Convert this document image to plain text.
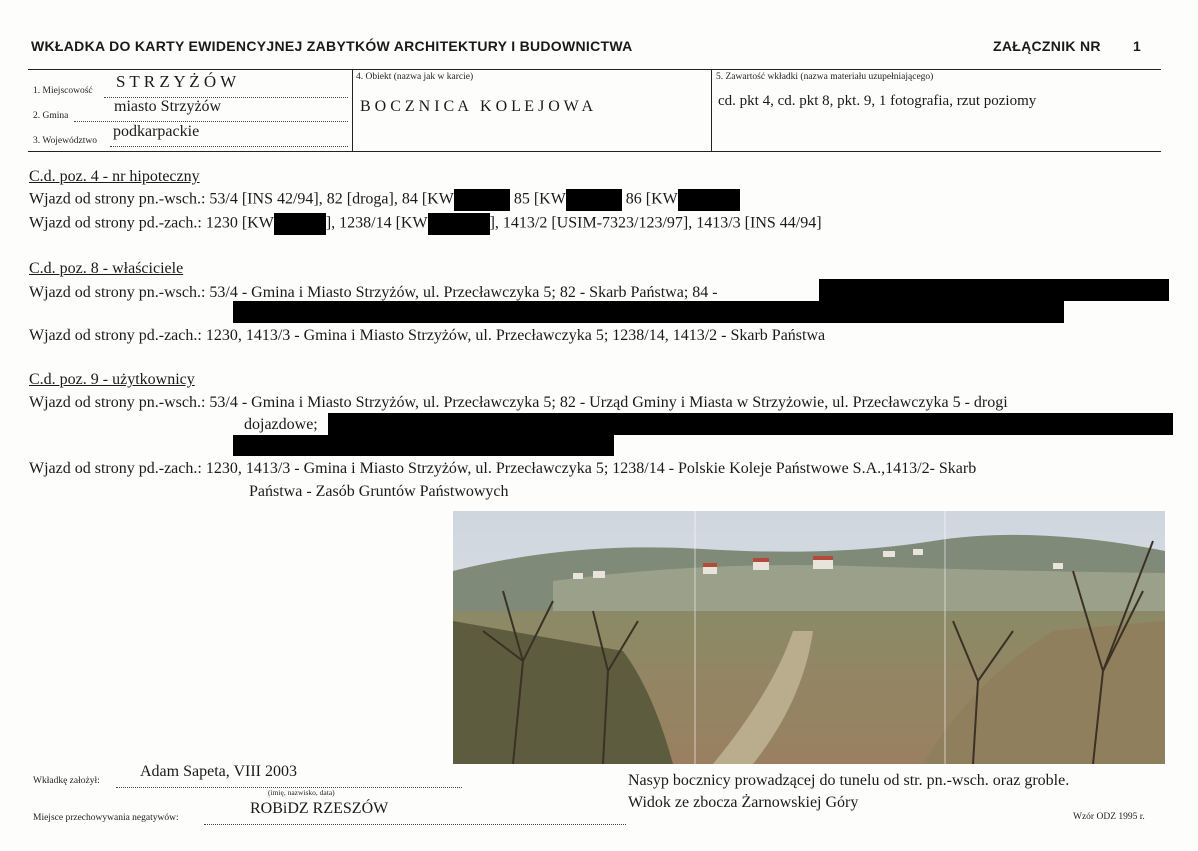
WKŁADKA DO KARTY EWIDENCYJNEJ ZABYTKÓW ARCHITEKTURY I BUDOWNICTWA	ZAŁĄCZNIK NR 1
1. Miejscowość S T R Z Y Ż Ó W
2. Gmina
miasto Strzyżów
3. Województwo
podkarpackie
4. Obiekt (nazwa jak w karcie)
B O C Z N I C A   K O L E J O W A
5. Zawartość wkładki (nazwa materiału uzupełniającego)
cd. pkt 4, cd. pkt 8, pkt. 9, 1 fotografia, rzut poziomy
C.d. poz. 4 - nr hipoteczny
Wjazd od strony pn.-wsch.: 53/4 [INS 42/94], 82 [droga], 84 [KW	85 [KW	86 [KW
Wjazd od strony pd.-zach.: 1230 [KW	], 1238/14 [KW	], 1413/2 [USIM-7323/123/97], 1413/3 [INS 44/94]
C.d. poz. 8 - właściciele
Wjazd od strony pn.-wsch.: 53/4 - Gmina i Miasto Strzyżów, ul. Przecławczyka 5; 82 - Skarb Państwa; 84 -
Wjazd od strony pd.-zach.: 1230, 1413/3 - Gmina i Miasto Strzyżów, ul. Przecławczyka 5; 1238/14, 1413/2 - Skarb Państwa
C.d. poz. 9 - użytkownicy
Wjazd od strony pn.-wsch.: 53/4 - Gmina i Miasto Strzyżów, ul. Przecławczyka 5; 82 - Urząd Gminy i Miasta w Strzyżowie, ul. Przecławczyka 5 - drogi
dojazdowe;
Wjazd od strony pd.-zach.: 1230, 1413/3 - Gmina i Miasto Strzyżów, ul. Przecławczyka 5; 1238/14 - Polskie Koleje Państwowe S.A.,1413/2- Skarb
Państwa - Zasób Gruntów Państwowych
Wkładkę założył:
Adam Sapeta, VIII 2003
(imię, nazwisko, data)
Miejsce przechowywania negatywów:
ROBiDZ RZESZÓW
Nasyp bocznicy prowadzącej do tunelu od str. pn.-wsch. oraz groble.
Widok ze zbocza Żarnowskiej Góry
Wzór ODZ 1995 r.
